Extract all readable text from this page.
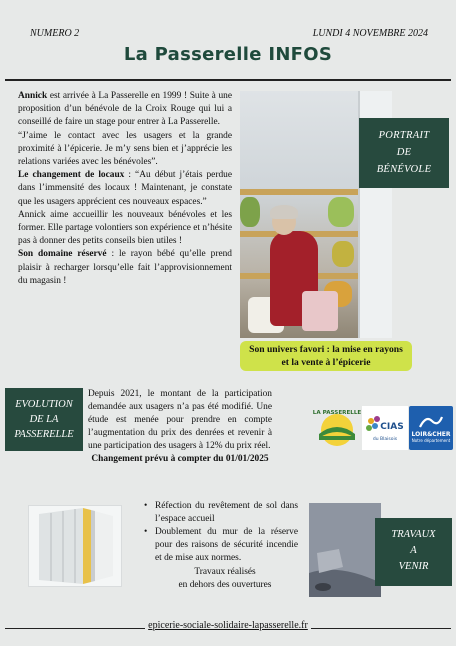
NUMERO 2	LUNDI 4 NOVEMBRE 2024
La Passerelle INFOS

Annick est arrivée à La Passerelle en 1999 ! Suite à une proposition d’un bénévole de la Croix Rouge qui lui a conseillé de faire un stage pour entrer à La Passerelle.

“J’aime le contact avec les usagers et la grande proximité à l’épicerie. Je m’y sens bien et j’apprécie les relations variées avec les bénévoles”.

Le changement de locaux : “Au début j’étais perdue dans l’immensité des locaux ! Maintenant, je constate que les usagers apprécient ces nouveaux espaces.”

Annick aime accueillir les nouveaux bénévoles et les former. Elle partage volontiers son expérience et n’hésite pas à donner des petits conseils bien utiles !

Son domaine réservé : le rayon bébé qu’elle prend plaisir à recharger lorsqu’elle fait l’approvisionnement du magasin !

PORTRAIT
DE
BÉNÉVOLE
Son univers favori : la mise en rayons
et la vente à l’épicerie
EVOLUTION
DE LA
PASSERELLE
Depuis 2021, le montant de la participation demandée aux usagers n’a pas été modifié. Une étude est menée pour prendre en compte l’augmentation du prix des denrées et revenir à une participation des usagers à 12% du prix réel.
Changement prévu à compter du 01/01/2025
LA PASSERELLE
CIAS
du Blaisois
LOIR&CHER
Notre département
• Réfection du revêtement de sol dans l’espace accueil
• Doublement du mur de la réserve pour des raisons de sécurité incendie et de mise aux normes.
Travaux réalisés
en dehors des ouvertures
TRAVAUX
A
VENIR
epicerie-sociale-solidaire-lapasserelle.fr
